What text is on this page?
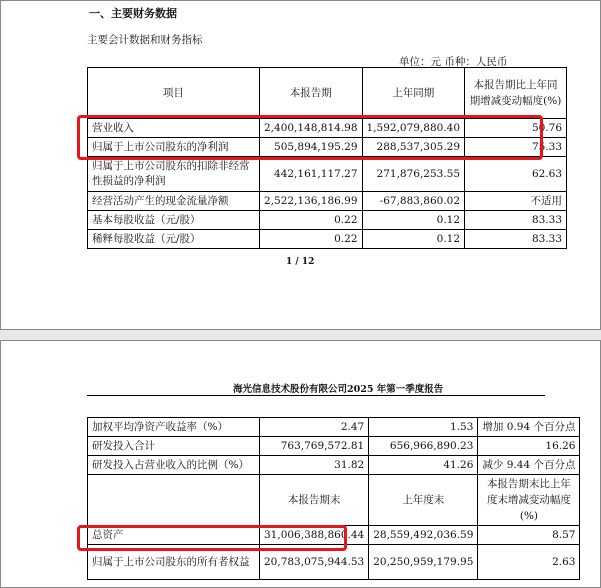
一、主要财务数据
主要会计数据和财务指标
单位：元 币种：人民币
项目	本报告期	上年同期	本报告期比上年同期增减变动幅度(%)
营业收入	2,400,148,814.98	1,592,079,880.40	50.76
归属于上市公司股东的净利润	505,894,195.29	288,537,305.29	75.33
归属于上市公司股东的扣除非经常性损益的净利润	442,161,117.27	271,876,253.55	62.63
经营活动产生的现金流量净额	2,522,136,186.99	-67,883,860.02	不适用
基本每股收益（元/股）	0.22	0.12	83.33
稀释每股收益（元/股）	0.22	0.12	83.33
1 / 12
海光信息技术股份有限公司2025 年第一季度报告
加权平均净资产收益率（%）	2.47	1.53	增加 0.94 个百分点
研发投入合计	763,769,572.81	656,966,890.23	16.26
研发投入占营业收入的比例（%）	31.82	41.26	减少 9.44 个百分点
	本报告期末	上年度末	本报告期末比上年度末增减变动幅度(%)
总资产	31,006,388,860.44	28,559,492,036.59	8.57
归属于上市公司股东的所有者权益	20,783,075,944.53	20,250,959,179.95	2.63
